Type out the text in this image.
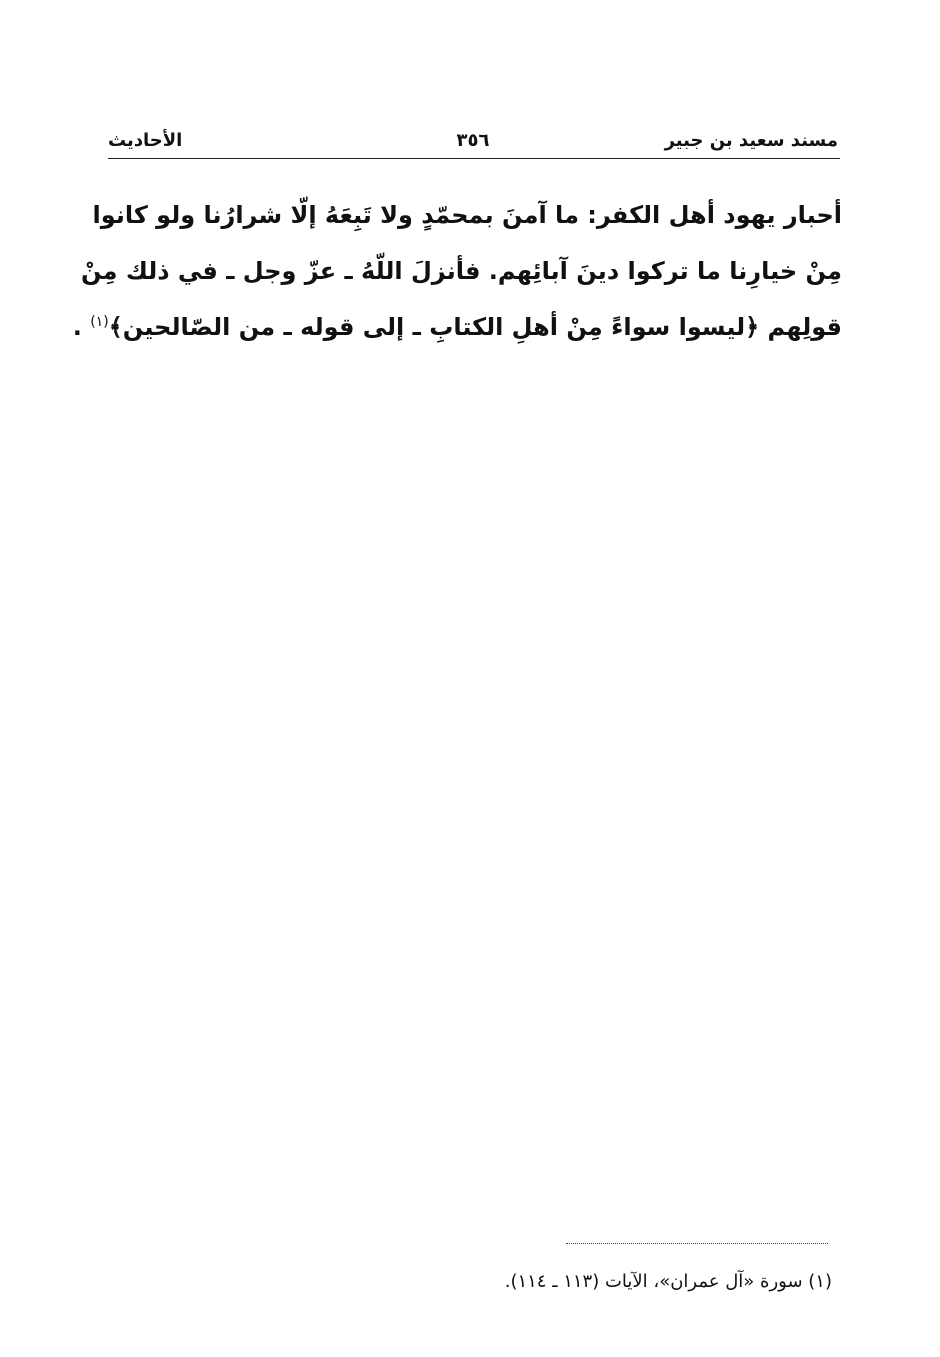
مسند سعيد بن جبير
٣٥٦
الأحاديث
أحبار يهود أهل الكفر: ما آمنَ بمحمّدٍ ولا تَبِعَهُ إلّا شرارُنا ولو كانوا
مِنْ خيارِنا ما تركوا دينَ آبائِهم. فأنزلَ اللّهُ ـ عزّ وجل ـ في ذلك مِنْ
قولِهم ﴿ليسوا سواءً مِنْ أهلِ الكتابِ ـ إلى قوله ـ من الصّالحين﴾$^{(١)}$ .
(١) سورة «آل عمران»، الآيات (١١٣ ـ ١١٤).
